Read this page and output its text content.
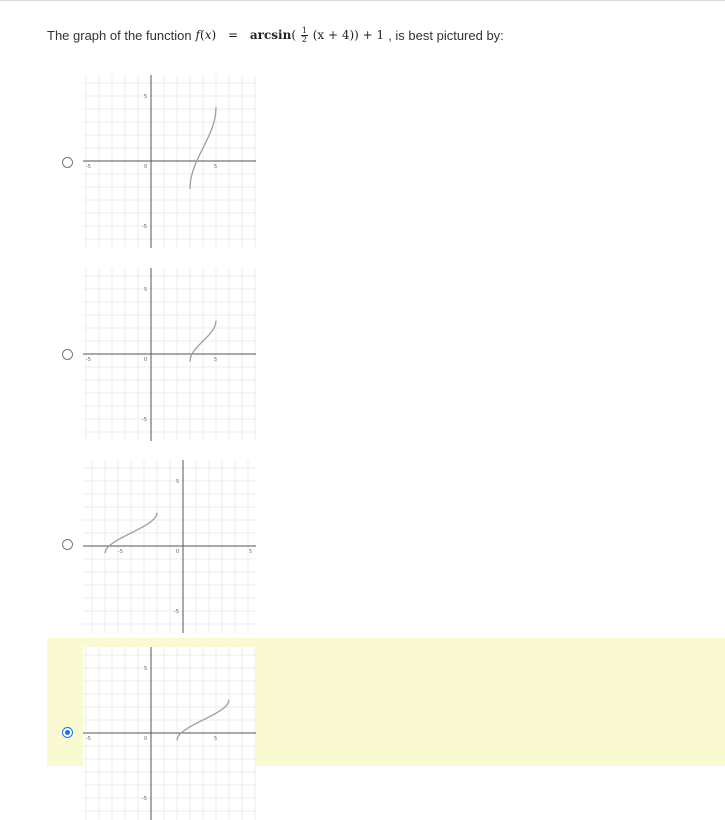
The graph of the function $f(x) = \arcsin( \frac{1}{2} (x + 4)) + 1$ , is best pictured by:
-5	0	5
5
-5
-5	0	5
5
-5
-5	0	5
5
-5
-5	0	5
5
-5
